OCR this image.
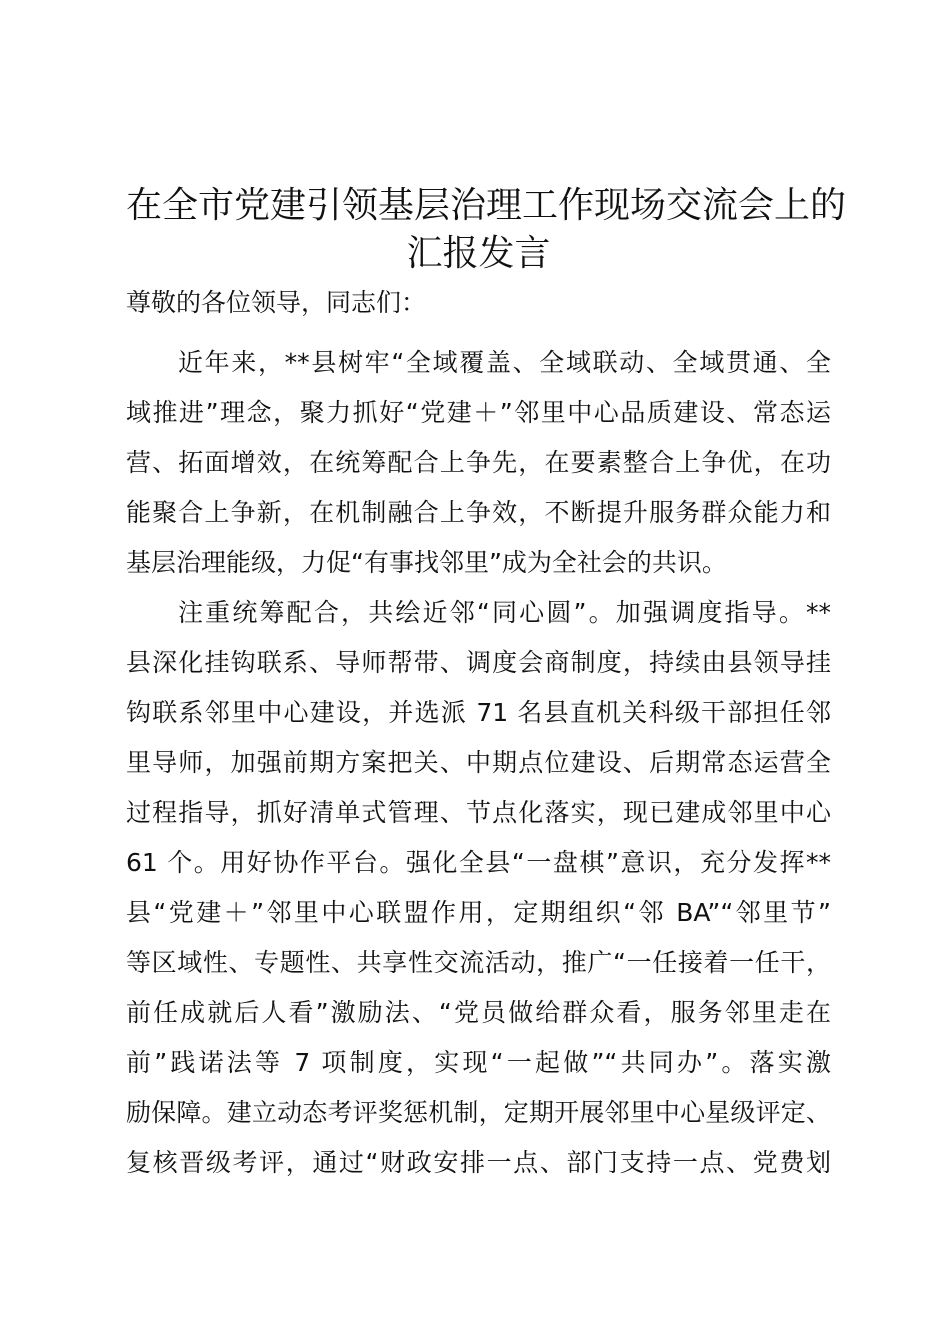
在全市党建引领基层治理工作现场交流会上的
汇报发言

尊敬的各位领导，同志们：

近年来，**县树牢“全域覆盖、全域联动、全域贯通、全
域推进”理念，聚力抓好“党建＋”邻里中心品质建设、常态运
营、拓面增效，在统筹配合上争先，在要素整合上争优，在功
能聚合上争新，在机制融合上争效，不断提升服务群众能力和
基层治理能级，力促“有事找邻里”成为全社会的共识。
注重统筹配合，共绘近邻“同心圆”。加强调度指导。**
县深化挂钩联系、导师帮带、调度会商制度，持续由县领导挂
钩联系邻里中心建设，并选派 71 名县直机关科级干部担任邻
里导师，加强前期方案把关、中期点位建设、后期常态运营全
过程指导，抓好清单式管理、节点化落实，现已建成邻里中心
61 个。用好协作平台。强化全县“一盘棋”意识，充分发挥**
县“党建＋”邻里中心联盟作用，定期组织“邻 BA”“邻里节”
等区域性、专题性、共享性交流活动，推广“一任接着一任干，
前任成就后人看”激励法、“党员做给群众看，服务邻里走在
前”践诺法等 7 项制度，实现“一起做”“共同办”。落实激
励保障。建立动态考评奖惩机制，定期开展邻里中心星级评定、
复核晋级考评，通过“财政安排一点、部门支持一点、党费划
